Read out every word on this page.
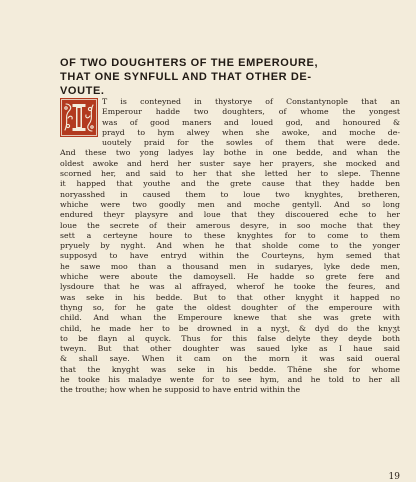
OF TWO DOUGHTERS OF THE EMPEROURE,
THAT ONE SYNFULL AND THAT OTHER DE-
VOUTE.
T is conteyned in thystorye of Constantynople that an
Emperour hadde two doughters, of whome the yongest
was of good maners and loued god, and honoured &
prayd to hym alwey when she awoke, and moche de-
uoutely praid for the sowles of them that were dede.
And these two yong ladyes lay bothe in one bedde, and whan the
oldest awoke and herd her suster saye her prayers, she mocked and
scorned her, and said to her that she letted her to slepe. Thenne
it happed that youthe and the grete cause that they hadde ben
noryasshed in caused them to loue two knyghtes, bretheren,
whiche were two goodly men and moche gentyll. And so long
endured theyr playsyre and loue that they discouered eche to her
loue the secrete of their amerous desyre, in soo moche that they
sett a certeyne houre to these knyghtes for to come to them
pryuely by nyght. And when he that sholde come to the yonger
supposyd to have entryd within the Courteyns, hym semed that
he sawe moo than a thousand men in sudaryes, lyke dede men,
whiche were aboute the damoysell. He hadde so grete fere and
lysdoure that he was al affrayed, wherof he tooke the feures, and
was seke in his bedde. But to that other knyght it happed no
thyng so, for he gate the oldest doughter of the emperoure with
child. And whan the Emperoure knewe that she was grete with
child, he made her to be drowned in a nyʒt, & dyd do the knyʒt
to be flayn al quyck. Thus for this false delyte they deyde both
tweyn. But that other doughter was saued lyke as I haue said
& shall saye. When it cam on the morn it was said oueral
that the knyght was seke in his bedde. Thēne she for whome
he tooke his maladye wente for to see hym, and he told to her all
the trouthe; how when he supposid to have entrid within the
19
